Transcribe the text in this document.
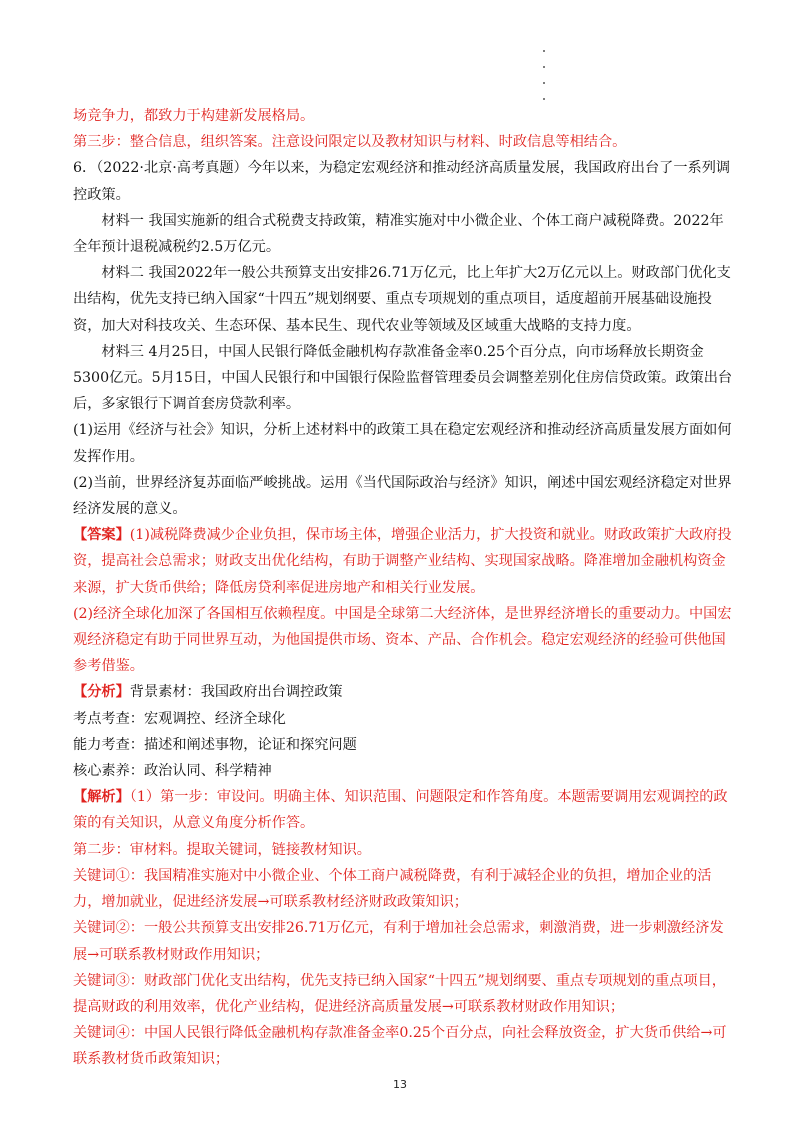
场竞争力，都致力于构建新发展格局。

第三步：整合信息，组织答案。注意设问限定以及教材知识与材料、时政信息等相结合。

6．（2022·北京·高考真题）今年以来，为稳定宏观经济和推动经济高质量发展，我国政府出台了一系列调控政策。

材料一 我国实施新的组合式税费支持政策，精准实施对中小微企业、个体工商户减税降费。2022年全年预计退税减税约2.5万亿元。

材料二 我国2022年一般公共预算支出安排26.71万亿元，比上年扩大2万亿元以上。财政部门优化支出结构，优先支持已纳入国家“十四五”规划纲要、重点专项规划的重点项目，适度超前开展基础设施投资，加大对科技攻关、生态环保、基本民生、现代农业等领域及区域重大战略的支持力度。

材料三 4月25日，中国人民银行降低金融机构存款准备金率0.25个百分点，向市场释放长期资金5300亿元。5月15日，中国人民银行和中国银行保险监督管理委员会调整差别化住房信贷政策。政策出台后，多家银行下调首套房贷款利率。

(1)运用《经济与社会》知识，分析上述材料中的政策工具在稳定宏观经济和推动经济高质量发展方面如何发挥作用。

(2)当前，世界经济复苏面临严峻挑战。运用《当代国际政治与经济》知识，阐述中国宏观经济稳定对世界经济发展的意义。

【答案】(1)减税降费减少企业负担，保市场主体，增强企业活力，扩大投资和就业。财政政策扩大政府投资，提高社会总需求；财政支出优化结构，有助于调整产业结构、实现国家战略。降准增加金融机构资金来源，扩大货币供给；降低房贷利率促进房地产和相关行业发展。

(2)经济全球化加深了各国相互依赖程度。中国是全球第二大经济体，是世界经济增长的重要动力。中国宏观经济稳定有助于同世界互动，为他国提供市场、资本、产品、合作机会。稳定宏观经济的经验可供他国参考借鉴。

【分析】背景素材：我国政府出台调控政策

考点考查：宏观调控、经济全球化

能力考查：描述和阐述事物，论证和探究问题

核心素养：政治认同、科学精神

【解析】（1）第一步：审设问。明确主体、知识范围、问题限定和作答角度。本题需要调用宏观调控的政策的有关知识，从意义角度分析作答。

第二步：审材料。提取关键词，链接教材知识。

关键词①：我国精准实施对中小微企业、个体工商户减税降费，有利于减轻企业的负担，增加企业的活力，增加就业，促进经济发展→可联系教材经济财政政策知识；

关键词②：一般公共预算支出安排26.71万亿元，有利于增加社会总需求，刺激消费，进一步刺激经济发展→可联系教材财政作用知识；

关键词③：财政部门优化支出结构，优先支持已纳入国家“十四五”规划纲要、重点专项规划的重点项目，提高财政的利用效率，优化产业结构，促进经济高质量发展→可联系教材财政作用知识；

关键词④：中国人民银行降低金融机构存款准备金率0.25个百分点，向社会释放资金，扩大货币供给→可联系教材货币政策知识；

13
